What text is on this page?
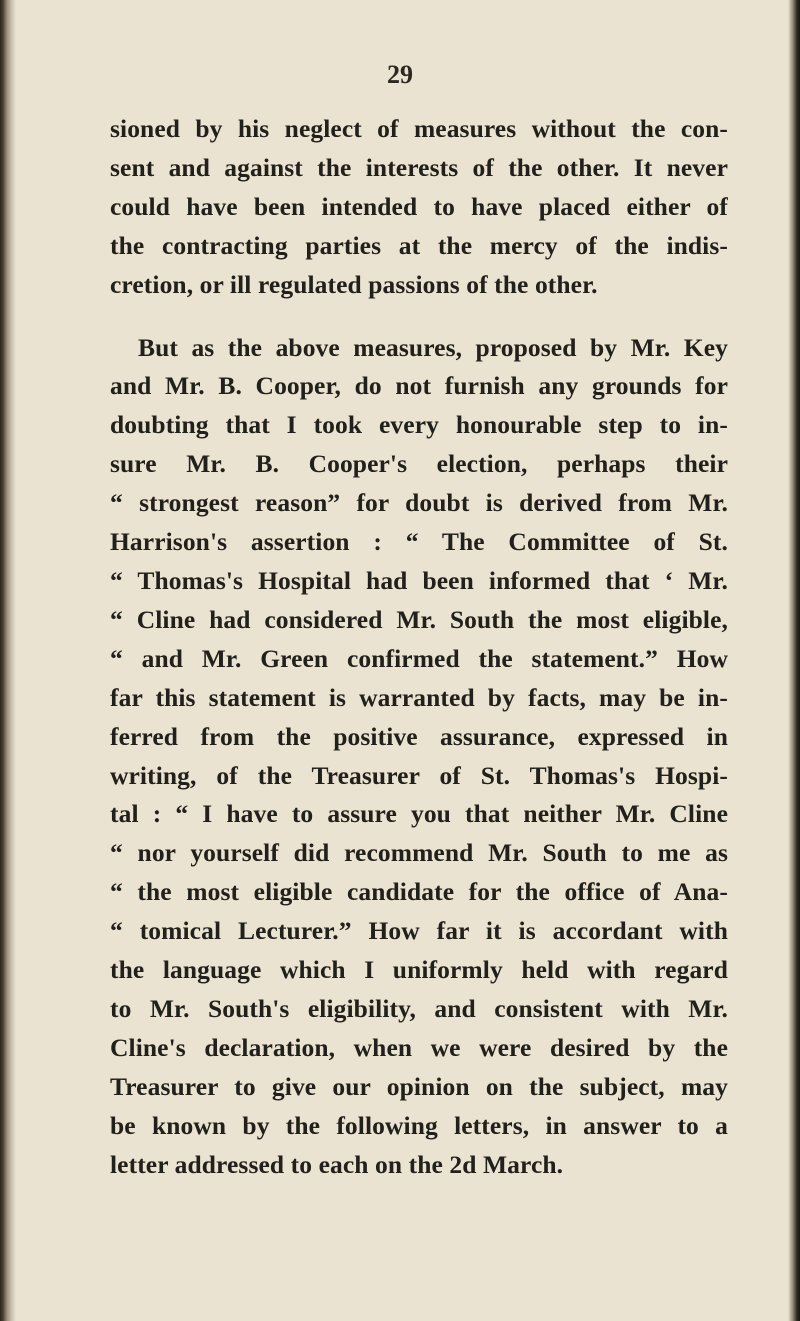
29

sioned by his neglect of measures without the con-
sent and against the interests of the other. It never
could have been intended to have placed either of
the contracting parties at the mercy of the indis-
cretion, or ill regulated passions of the other.

But as the above measures, proposed by Mr. Key
and Mr. B. Cooper, do not furnish any grounds for
doubting that I took every honourable step to in-
sure Mr. B. Cooper's election, perhaps their
“ strongest reason” for doubt is derived from Mr.
Harrison's assertion : “ The Committee of St.
“ Thomas's Hospital had been informed that ‘ Mr.
“ Cline had considered Mr. South the most eligible,
“ and Mr. Green confirmed the statement.” How
far this statement is warranted by facts, may be in-
ferred from the positive assurance, expressed in
writing, of the Treasurer of St. Thomas's Hospi-
tal : “ I have to assure you that neither Mr. Cline
“ nor yourself did recommend Mr. South to me as
“ the most eligible candidate for the office of Ana-
“ tomical Lecturer.” How far it is accordant with
the language which I uniformly held with regard
to Mr. South's eligibility, and consistent with Mr.
Cline's declaration, when we were desired by the
Treasurer to give our opinion on the subject, may
be known by the following letters, in answer to a
letter addressed to each on the 2d March.
